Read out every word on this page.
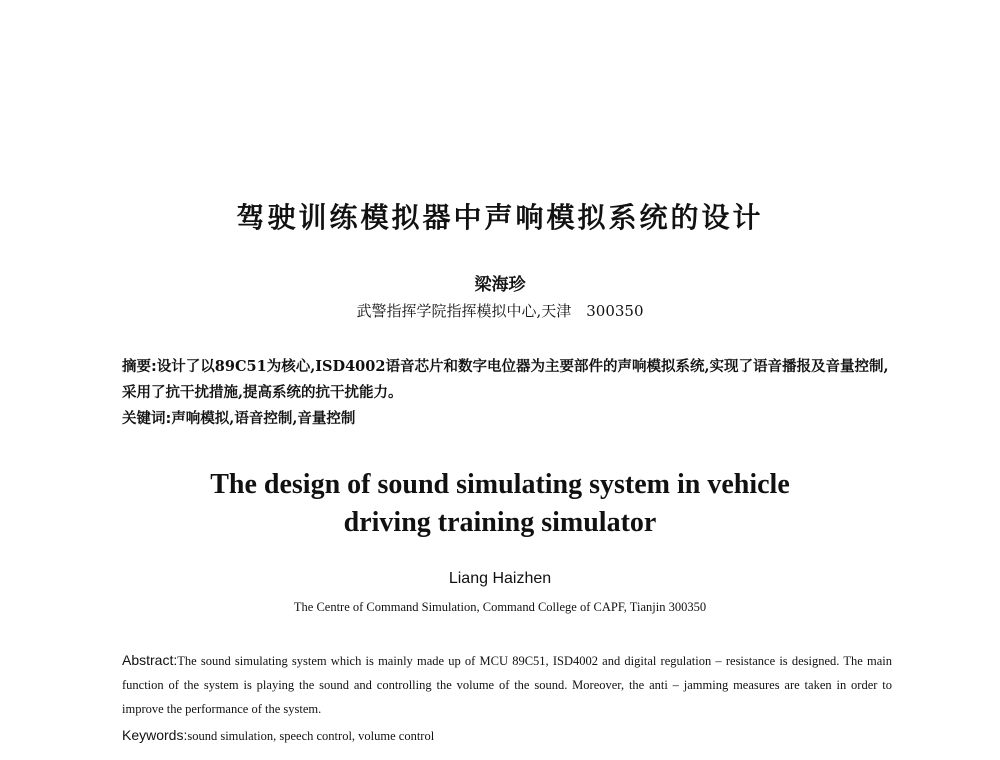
驾驶训练模拟器中声响模拟系统的设计
梁海珍
武警指挥学院指挥模拟中心,天津　300350
摘要:设计了以89C51为核心,ISD4002语音芯片和数字电位器为主要部件的声响模拟系统,实现了语音播报及音量控制,采用了抗干扰措施,提高系统的抗干扰能力。
关键词:声响模拟,语音控制,音量控制
The design of sound simulating system in vehicle
driving training simulator
Liang Haizhen
The Centre of Command Simulation, Command College of CAPF, Tianjin 300350
Abstract:The sound simulating system which is mainly made up of MCU 89C51, ISD4002 and digital regulation – resistance is designed. The main function of the system is playing the sound and controlling the volume of the sound. Moreover, the anti – jamming measures are taken in order to improve the performance of the system.
Keywords:sound simulation, speech control, volume control
